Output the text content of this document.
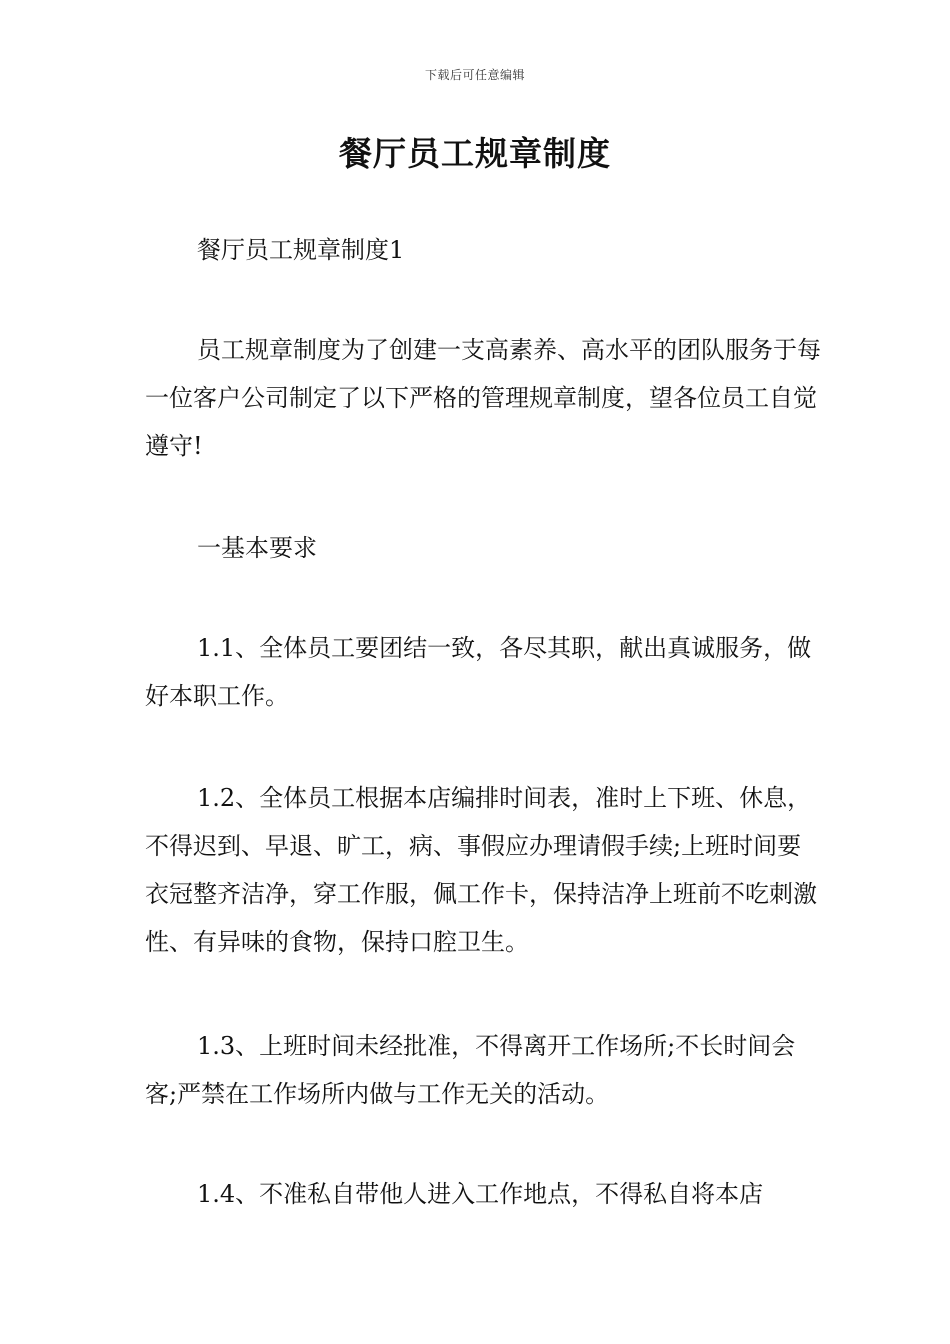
下载后可任意编辑
餐厅员工规章制度

餐厅员工规章制度1

员工规章制度为了创建一支高素养、高水平的团队服务于每一位客户公司制定了以下严格的管理规章制度，望各位员工自觉遵守!

一基本要求

1.1、全体员工要团结一致，各尽其职，献出真诚服务，做好本职工作。

1.2、全体员工根据本店编排时间表，准时上下班、休息，不得迟到、早退、旷工，病、事假应办理请假手续;上班时间要衣冠整齐洁净，穿工作服，佩工作卡，保持洁净上班前不吃刺激性、有异味的食物，保持口腔卫生。

1.3、上班时间未经批准，不得离开工作场所;不长时间会客;严禁在工作场所内做与工作无关的活动。

1.4、不准私自带他人进入工作地点，不得私自将本店
